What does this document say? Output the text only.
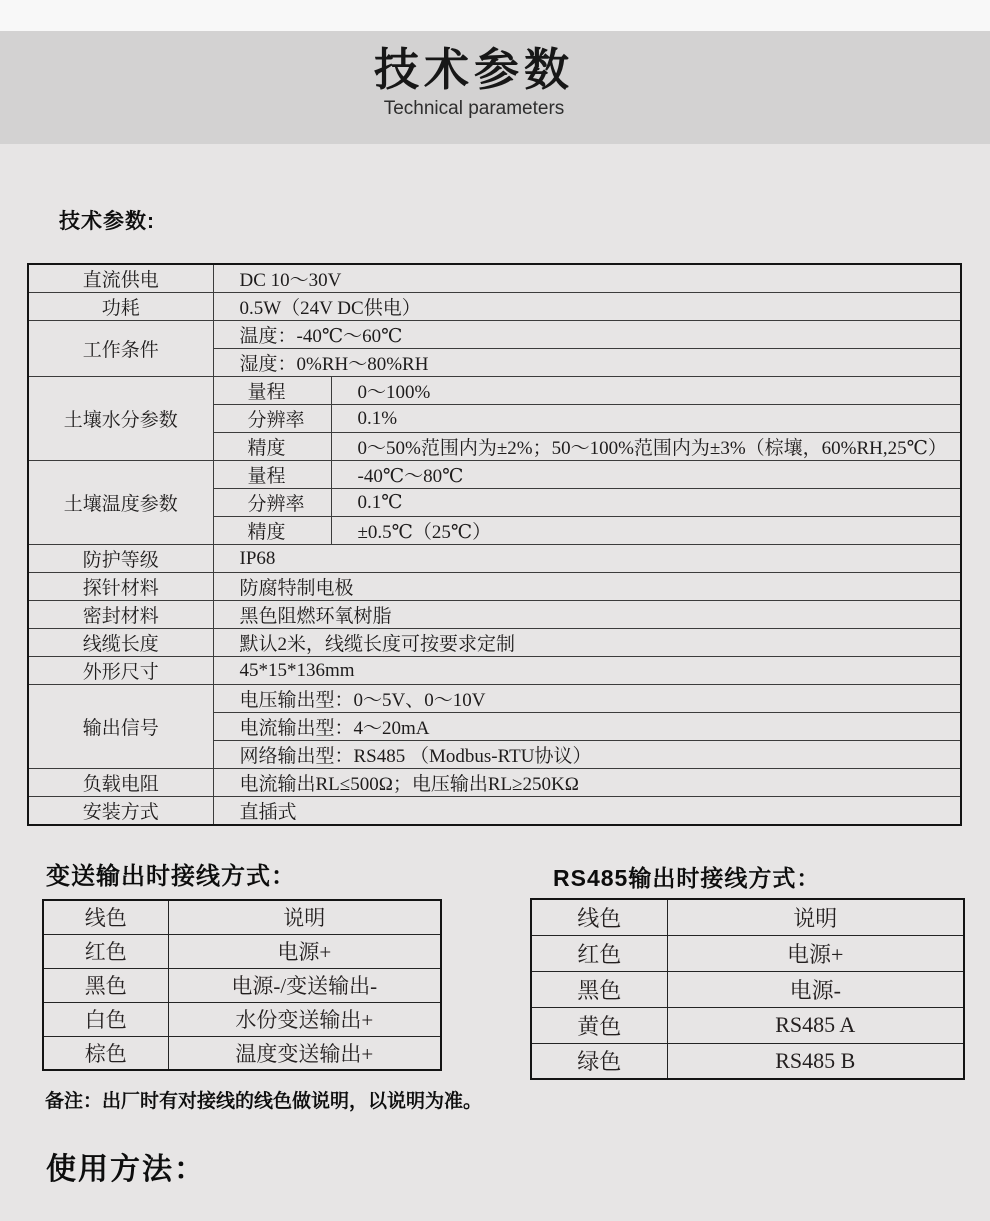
技术参数
Technical parameters
技术参数:
直流供电	DC 10～30V	
功耗	0.5W（24V DC供电）	
工作条件	温度：-40℃～60℃	
	湿度：0%RH～80%RH	
土壤水分参数	量程	0～100%
	分辨率	0.1%
	精度	0～50%范围内为±2%；50～100%范围内为±3%（棕壤，60%RH,25℃）
土壤温度参数	量程	-40℃～80℃
	分辨率	0.1℃
	精度	±0.5℃（25℃）
防护等级	IP68	
探针材料	防腐特制电极	
密封材料	黑色阻燃环氧树脂	
线缆长度	默认2米，线缆长度可按要求定制	
外形尺寸	45*15*136mm	
输出信号	电压输出型：0～5V、0～10V	
	电流输出型：4～20mA	
	网络输出型：RS485 （Modbus-RTU协议）	
负载电阻	电流输出RL≤500Ω；电压输出RL≥250KΩ	
安装方式	直插式	
变送输出时接线方式：
线色	说明
红色	电源+
黑色	电源-/变送输出-
白色	水份变送输出+
棕色	温度变送输出+
RS485输出时接线方式：
线色	说明
红色	电源+
黑色	电源-
黄色	RS485 A
绿色	RS485 B
备注：出厂时有对接线的线色做说明，以说明为准。
使用方法：
